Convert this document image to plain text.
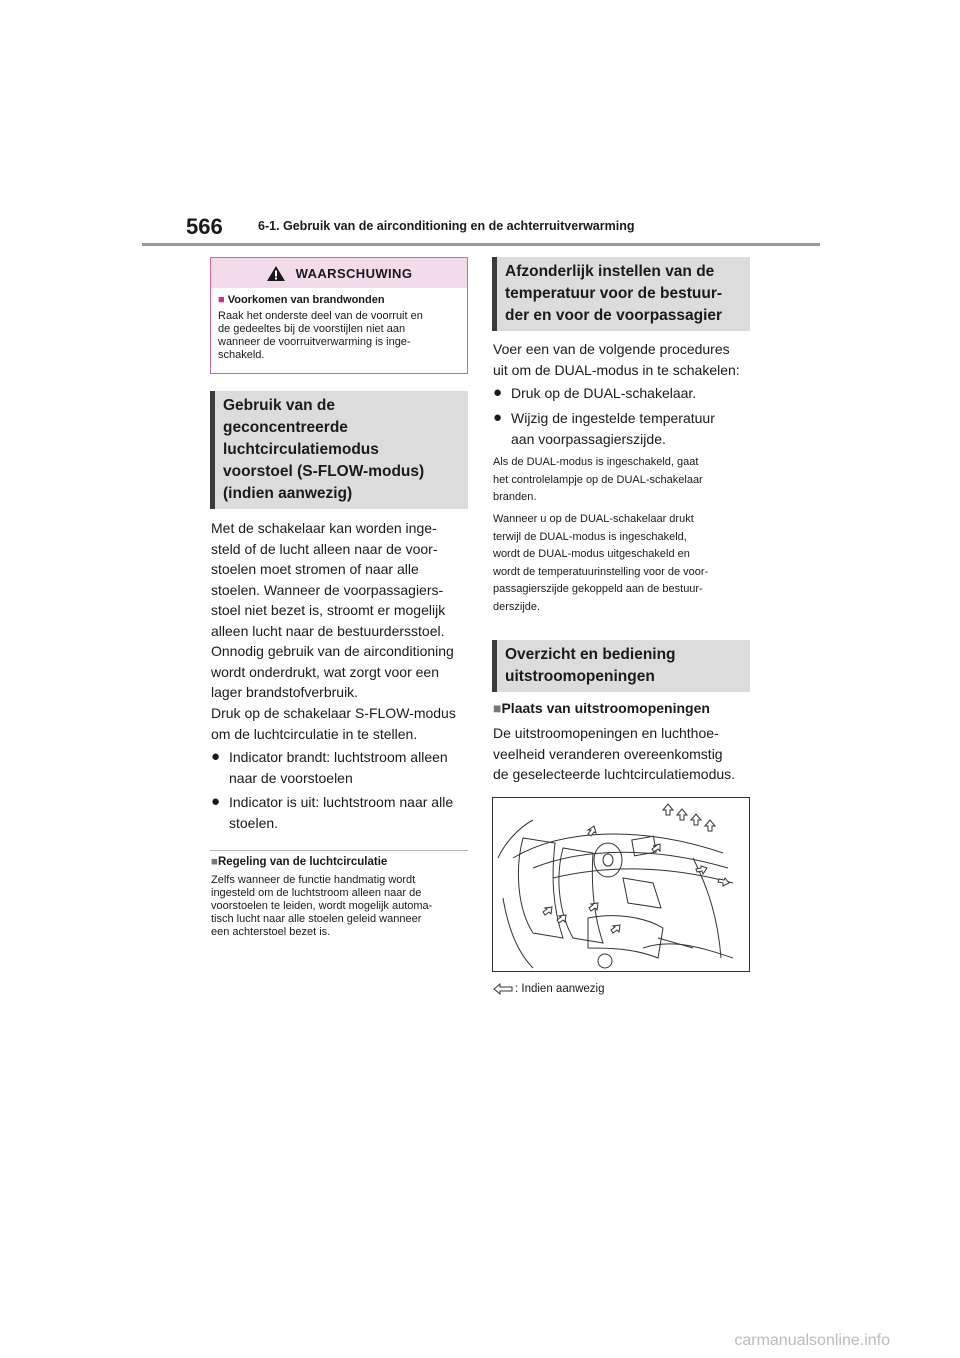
566	6-1. Gebruik van de airconditioning en de achterruitverwarming
WAARSCHUWING
■ Voorkomen van brandwonden
Raak het onderste deel van de voorruit en
de gedeeltes bij de voorstijlen niet aan
wanneer de voorruitverwarming is inge-
schakeld.
Gebruik van de
geconcentreerde
luchtcirculatiemodus
voorstoel (S-FLOW-modus)
(indien aanwezig)
Met de schakelaar kan worden inge-
steld of de lucht alleen naar de voor-
stoelen moet stromen of naar alle
stoelen. Wanneer de voorpassagiers-
stoel niet bezet is, stroomt er mogelijk
alleen lucht naar de bestuurdersstoel.
Onnodig gebruik van de airconditioning
wordt onderdrukt, wat zorgt voor een
lager brandstofverbruik.
Druk op de schakelaar S-FLOW-modus
om de luchtcirculatie in te stellen.
● Indicator brandt: luchtstroom alleen
naar de voorstoelen
● Indicator is uit: luchtstroom naar alle
stoelen.
■Regeling van de luchtcirculatie
Zelfs wanneer de functie handmatig wordt
ingesteld om de luchtstroom alleen naar de
voorstoelen te leiden, wordt mogelijk automa-
tisch lucht naar alle stoelen geleid wanneer
een achterstoel bezet is.
Afzonderlijk instellen van de
temperatuur voor de bestuur-
der en voor de voorpassagier
Voer een van de volgende procedures
uit om de DUAL-modus in te schakelen:
● Druk op de DUAL-schakelaar.
● Wijzig de ingestelde temperatuur
aan voorpassagierszijde.
Als de DUAL-modus is ingeschakeld, gaat
het controlelampje op de DUAL-schakelaar
branden.
Wanneer u op de DUAL-schakelaar drukt
terwijl de DUAL-modus is ingeschakeld,
wordt de DUAL-modus uitgeschakeld en
wordt de temperatuurinstelling voor de voor-
passagierszijde gekoppeld aan de bestuur-
derszijde.
Overzicht en bediening
uitstroomopeningen
■Plaats van uitstroomopeningen
De uitstroomopeningen en luchthoe-
veelheid veranderen overeenkomstig
de geselecteerde luchtcirculatiemodus.
: Indien aanwezig
carmanualsonline.info
